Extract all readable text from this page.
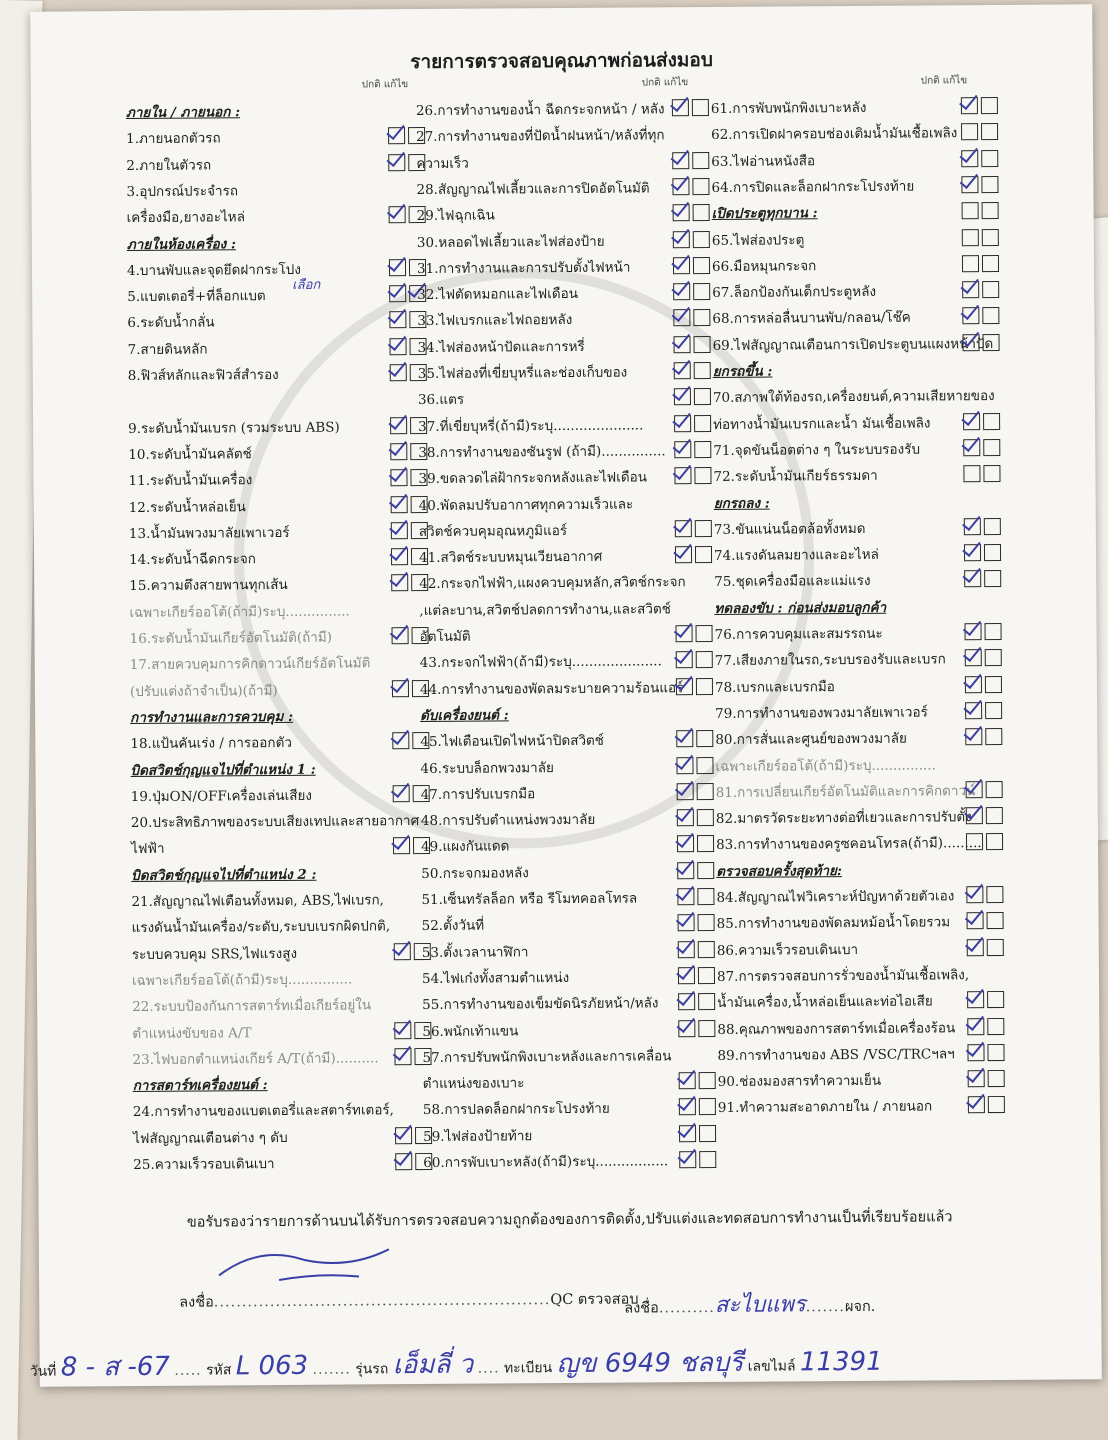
รายการตรวจสอบคุณภาพก่อนส่งมอบ
ปกติ แก้ไข
ภายใน / ภายนอก :
1.ภายนอกตัวรถ
2.ภายในตัวรถ
3.อุปกรณ์ประจำรถ
เครื่องมือ,ยางอะไหล่
ภายในห้องเครื่อง :
4.บานพับและจุดยึดฝากระโปง
5.แบตเตอรี่+ที่ล็อกแบต
6.ระดับน้ำกลั่น
7.สายดินหลัก
8.ฟิวส์หลักและฟิวส์สำรอง
9.ระดับน้ำมันเบรก (รวมระบบ ABS)
10.ระดับน้ำมันคลัตช์
11.ระดับน้ำมันเครื่อง
12.ระดับน้ำหล่อเย็น
13.น้ำมันพวงมาลัยเพาเวอร์
14.ระดับน้ำฉีดกระจก
15.ความตึงสายพานทุกเส้น
เฉพาะเกียร์ออโต้(ถ้ามี)ระบุ...............
16.ระดับน้ำมันเกียร์อัตโนมัติ(ถ้ามี)
17.สายควบคุมการคิกดาวน์เกียร์อัตโนมัติ
(ปรับแต่งถ้าจำเป็น)(ถ้ามี)
การทำงานและการควบคุม :
18.แป้นคันเร่ง / การออกตัว
บิดสวิตช์กุญแจไปที่ตำแหน่ง 1 :
19.ปุ่มON/OFFเครื่องเล่นเสียง
20.ประสิทธิภาพของระบบเสียงเทปและสายอากาศ
ไฟฟ้า
บิดสวิตช์กุญแจไปที่ตำแหน่ง 2 :
21.สัญญาณไฟเตือนทั้งหมด, ABS,ไฟเบรก,
แรงดันน้ำมันเครื่อง/ระดับ,ระบบเบรกผิดปกติ,
ระบบควบคุม SRS,ไฟแรงสูง
เฉพาะเกียร์ออโต้(ถ้ามี)ระบุ...............
22.ระบบป้องกันการสตาร์ทเมื่อเกียร์อยู่ใน
ตำแหน่งขับของ A/T
23.ไฟบอกตำแหน่งเกียร์ A/T(ถ้ามี)..........
การสตาร์ทเครื่องยนต์ :
24.การทำงานของแบตเตอรี่และสตาร์ทเตอร์,
ไฟสัญญาณเตือนต่าง ๆ ดับ
25.ความเร็วรอบเดินเบา
ปกติ แก้ไข
26.การทำงานของน้ำ ฉีดกระจกหน้า / หลัง
27.การทำงานของที่ปัดน้ำฝนหน้า/หลังที่ทุก
ความเร็ว
28.สัญญาณไฟเลี้ยวและการปิดอัตโนมัติ
29.ไฟฉุกเฉิน
30.หลอดไฟเลี้ยวและไฟส่องป้าย
31.การทำงานและการปรับตั้งไฟหน้า
32.ไฟตัดหมอกและไฟเดือน
33.ไฟเบรกและไฟถอยหลัง
34.ไฟส่องหน้าปัดและการหรี่
35.ไฟส่องที่เขี่ยบุหรี่และช่องเก็บของ
36.แตร
37.ที่เขี่ยบุหรี่(ถ้ามี)ระบุ.....................
38.การทำงานของซันรูฟ (ถ้ามี)...............
39.ขดลวดไล่ฝ้ากระจกหลังและไฟเดือน
40.พัดลมปรับอากาศทุกความเร็วและ
สวิตช์ควบคุมอุณหภูมิแอร์
41.สวิตช์ระบบหมุนเวียนอากาศ
42.กระจกไฟฟ้า,แผงควบคุมหลัก,สวิตช์กระจก
,แต่ละบาน,สวิตช์ปลดการทำงาน,และสวิตช์
อัตโนมัติ
43.กระจกไฟฟ้า(ถ้ามี)ระบุ.....................
44.การทำงานของพัดลมระบายความร้อนแอร์
ดับเครื่องยนต์ :
45.ไฟเตือนเปิดไฟหน้าปิดสวิตช์
46.ระบบล็อกพวงมาลัย
47.การปรับเบรกมือ
48.การปรับตำแหน่งพวงมาลัย
49.แผงกันแดด
50.กระจกมองหลัง
51.เซ็นทรัลล็อก หรือ รีโมทคอลโทรล
52.ตั้งวันที่
53.ตั้งเวลานาฬิกา
54.ไฟเก๋งทั้งสามตำแหน่ง
55.การทำงานของเข็มขัดนิรภัยหน้า/หลัง
56.พนักเท้าแขน
57.การปรับพนักพิงเบาะหลังและการเคลื่อน
ตำแหน่งของเบาะ
58.การปลดล็อกฝากระโปรงท้าย
59.ไฟส่องป้ายท้าย
60.การพับเบาะหลัง(ถ้ามี)ระบุ.................
ปกติ แก้ไข
61.การพับพนักพิงเบาะหลัง
62.การเปิดฝาครอบช่องเติมน้ำมันเชื้อเพลิง
63.ไฟอ่านหนังสือ
64.การปิดและล็อกฝากระโปรงท้าย
เปิดประตูทุกบาน :
65.ไฟส่องประตู
66.มือหมุนกระจก
67.ล็อกป้องกันเด็กประตูหลัง
68.การหล่อลื่นบานพับ/กลอน/โช๊ค
69.ไฟสัญญาณเตือนการเปิดประตูบนแผงหน้าปัด
ยกรถขึ้น :
70.สภาพใต้ท้องรถ,เครื่องยนต์,ความเสียหายของ
ท่อทางน้ำมันเบรกและน้ำ มันเชื้อเพลิง
71.จุดขันน็อตต่าง ๆ ในระบบรองรับ
72.ระดับน้ำมันเกียร์ธรรมดา
ยกรถลง :
73.ขันแน่นน็อตล้อทั้งหมด
74.แรงดันลมยางและอะไหล่
75.ชุดเครื่องมือและแม่แรง
ทดลองขับ : ก่อนส่งมอบลูกค้า
76.การควบคุมและสมรรถนะ
77.เสียงภายในรถ,ระบบรองรับและเบรก
78.เบรกและเบรกมือ
79.การทำงานของพวงมาลัยเพาเวอร์
80.การสั่นและศูนย์ของพวงมาลัย
เฉพาะเกียร์ออโต้(ถ้ามี)ระบุ...............
81.การเปลี่ยนเกียร์อัตโนมัติและการคิกดาวน์
82.มาตรวัดระยะทางต่อที่เยวและการปรับตั้ง
83.การทำงานของครูซคอนโทรล(ถ้ามี).........
ตรวจสอบครั้งสุดท้าย:
84.สัญญาณไฟวิเคราะห์ปัญหาด้วยตัวเอง
85.การทำงานของพัดลมหม้อน้ำโดยรวม
86.ความเร็วรอบเดินเบา
87.การตรวจสอบการรั่วของน้ำมันเชื้อเพลิง,
น้ำมันเครื่อง,น้ำหล่อเย็นและท่อไอเสีย
88.คุณภาพของการสตาร์ทเมื่อเครื่องร้อน
89.การทำงานของ ABS /VSC/TRCฯลฯ
90.ช่องมองสารทำความเย็น
91.ทำความสะอาดภายใน / ภายนอก
เลือก
ขอรับรองว่ารายการด้านบนได้รับการตรวจสอบความถูกต้องของการติดตั้ง,ปรับแต่งและทดสอบการทำงานเป็นที่เรียบร้อยแล้ว
ลงชื่อ............................................................QC ตรวจสอบ
ลงชื่อ..........สะไบแพร.......ผจก.
วันที่ 8 - ส -67 ..... รหัส L 063 ....... รุ่นรถ เอ็มลี่ ว .... ทะเบียน ญข 6949 ชลบุรี เลขไมล์ 11391
